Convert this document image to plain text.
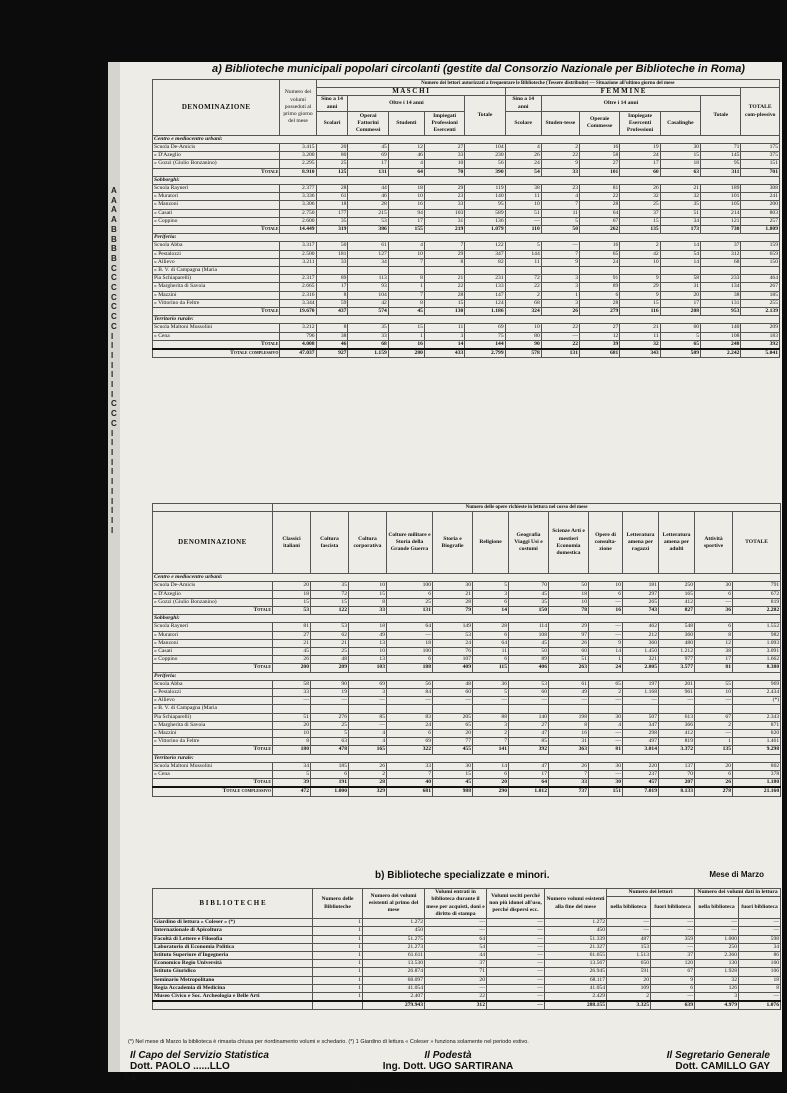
A
A
A
A
B
B
B
B
C
C
C
C
C
C
C
I
I
I
I
I
I
I
C
C
C
I
I
I
I
I
I
I
I
I
I
I
a) Biblioteche municipali popolari circolanti (gestite dal Consorzio Nazionale per Biblioteche in Roma)
DENOMINAZIONE	Numero dei volumi posseduti al primo giorno del mese	Numero dei lettori autorizzati a frequentare le Biblioteche (Tessere distribuite) — Situazione all'ultimo giorno del mese											
		M A S C H I					F E M M I N E						TOTALE com-plessivo
		Sino a 14 anni	Oltre i 14 anni			Totale	Sino a 14 anni	Oltre i 14 anni				Totale	
		Scolari	Operai Fattorini Commessi	Studenti	Impiegati Professioni Esercenti		Scolare	Studen-tesse	Operaie Commesse	Impiegate Esercenti Professioni	Casalinghe		
Centro e mediocentro urbani:													
Scuola De-Amicis	3.415	20	45	12	27	104	4	2	16	19	30	71	175
» D'Azeglio	3.200	80	69	46	33	230	26	22	58	24	15	145	375
» Gozzi (Giulio Bonzanino)	2.295	25	17	4	10	56	24	9	27	17	18	95	151
Totale	8.910	125	131	64	70	390	54	33	101	60	63	311	701
Sobborghi:													
Scuola Rayneri	2.377	28	44	18	29	119	38	23	81	26	21	189	308
» Muratori	3.336	61	46	10	23	140	11	4	22	32	32	101	241
» Manzoni	3.306	18	28	16	33	95	10	7	28	25	35	105	200
» Casati	2.750	177	215	94	103	589	51	11	64	37	51	214	803
» Coppino	2.600	35	53	17	31	136	—	5	67	15	34	121	257
Totale	14.449	319	386	155	219	1.079	110	50	262	135	173	730	1.809
Periferia:													
Scuola Abba	3.317	50	61	4	7	122	5	—	16	2	14	37	159
» Pestalozzi	2.500	181	127	10	29	347	144	7	65	42	54	312	659
» Allievo	3.211	33	34	7	8	82	11	9	24	10	14	68	150
» B. V. di Campagna (Maria													
Pia Schiaparelli)	2.317	89	113	8	21	231	72	3	91	9	58	233	464
» Margherita di Savoia	2.665	17	93	1	22	133	22	3	89	29	31	134	267
» Mazzini	2.316	8	104	7	28	147	2	1	6	9	20	38	185
» Vittorino da Feltre	3.344	59	42	8	15	124	68	3	28	15	17	131	255
Totale	19.670	437	574	45	130	1.186	324	26	279	116	208	953	2.139
Territorio rurale:													
Scuola Maltoni Mussolini	3.212	8	35	15	11	69	10	22	27	21	60	140	209
» Cena	796	38	33	1	3	75	80	—	12	11	5	108	183
Totale	4.008	46	68	16	14	144	90	22	39	32	65	248	392
Totale complessivo	47.037	927	1.159	280	433	2.799	578	131	681	343	509	2.242	5.041
	Numero delle opere richieste in lettura nel corso del mese												
DENOMINAZIONE	Classici italiani	Coltura fascista	Coltura corporativa	Colture militare e Storia della Grande Guerra	Storia e Biografie	Religione	Geografia Viaggi Usi e costumi	Scienze Arti e mestieri Economia domestica	Opere di consulta-zione	Letteratura amena per ragazzi	Letteratura amena per adulti	Attività sportive	TOTALE
Centro e mediocentro urbani:													
Scuola De-Amicis	20	35	10	100	30	5	70	50	10	181	250	30	791
» D'Azeglio	18	72	15	6	21	3	45	18	6	297	165	6	672
» Gozzi (Giulio Bonzanino)	15	15	8	25	28	6	35	10	—	265	412	—	819
Totale	53	122	33	131	79	14	150	78	16	743	827	36	2.282
Sobborghi:													
Scuola Rayneri	81	53	18	64	149	28	114	29	—	462	548	6	1.552
» Muratori	27	62	49	—	53	6	108	97	—	212	360	8	982
» Manzoni	21	21	13	18	24	64	45	26	9	360	480	12	1.093
» Casati	45	25	10	100	76	11	50	60	14	1.450	1.212	38	3.091
» Coppino	26	48	13	6	107	6	89	51	1	321	977	17	1.662
Totale	200	209	103	188	409	115	406	263	24	2.805	3.577	81	8.380
Periferia:													
Scuola Abba	58	90	69	56	48	36	53	61	65	197	201	55	969
» Pestalozzi	33	19	3	84	60	5	60	49	2	1.168	961	10	2.434
» Allievo	—	—	—	—	—	—	—	—	—	—	—	—	(*)
» B. V. di Campagna (Maria													
Pia Schiaparelli)	51	276	85	83	205	88	140	198	30	507	613	67	2.343
» Margherita di Savoia	20	25	—	24	65	3	27	8	4	347	366	2	871
» Mazzini	10	5	4	6	20	2	47	16	—	298	412	—	820
» Vittorino da Feltre	8	63	4	69	77	7	85	31	—	497	819	1	1.461
Totale	180	478	165	322	455	141	392	363	81	3.014	3.372	135	9.298
Territorio rurale:													
Scuola Maltoni Mussolini	34	185	26	33	30	14	47	26	30	220	137	20	802
» Cena	5	6	2	7	15	6	17	7	—	237	70	6	378
Totale	39	191	28	40	45	20	64	33	30	457	207	26	1.180
Totale complessivo	472	1.000	329	681	988	290	1.012	737	151	7.019	8.133	278	21.160
b) Biblioteche specializzate e minori.	Mese di Marzo
B I B L I O T E C H E	Numero delle Biblioteche	Numero dei volumi esistenti al primo del mese	Volumi entrati in biblioteca durante il mese per acquisti, doni e diritto di stampa	Volumi usciti perché non più idonei all'uso, perché dispersi ecc.	Numero volumi esistenti alla fine del mese	Numero dei lettori		Numero dei volumi dati in lettura	
						nella biblioteca	fuori biblioteca	nella biblioteca	fuori biblioteca
Giardino di lettura « Coleser » (*)	1	1.272	—	—	1.272	—	—	—	—
Internazionale di Apicoltura	1	450	—	—	450	—	—	—	—
Facoltà di Lettere e Filosofia	1	51.275	64	—	51.339	487	359	1.000	598
Laboratorio di Economia Politica	1	21.273	54	—	21.327	153	—	250	34
Istituto Superiore d'Ingegneria	1	61.611	44	—	61.655	1.513	37	2.360	86
Economico Regio Università	1	13.530	37	—	13.567	650	120	130	160
Istituto Giuridico	1	26.874	71	—	26.945	591	67	1.928	106
Seminario Metropolitano	1	68.097	20	—	68.117	20	9	32	18
Regia Accademia di Medicina	1	41.054	—	—	41.054	109	6	126	8
Museo Civico e Soc. Archeologia e Belle Arti	1	2.407	22	—	2.429	2	—	3	—
		279.943	312	—	288.155	3.325	639	4.979	1.076
(*) Nel mese di Marzo la biblioteca è rimasta chiusa per riordinamento volumi e schedario. (*) 1 Giardino di lettura « Coleser » funziona solamente nel periodo estivo.
Il Capo del Servizio Statistica
Dott. PAOLO ......LLO
Il Podestà
Ing. Dott. UGO SARTIRANA
Il Segretario Generale
Dott. CAMILLO GAY
1939-xvii - Tip. Carlo Accame - Corso Regina Margherita, 4s bis - Torino
64
